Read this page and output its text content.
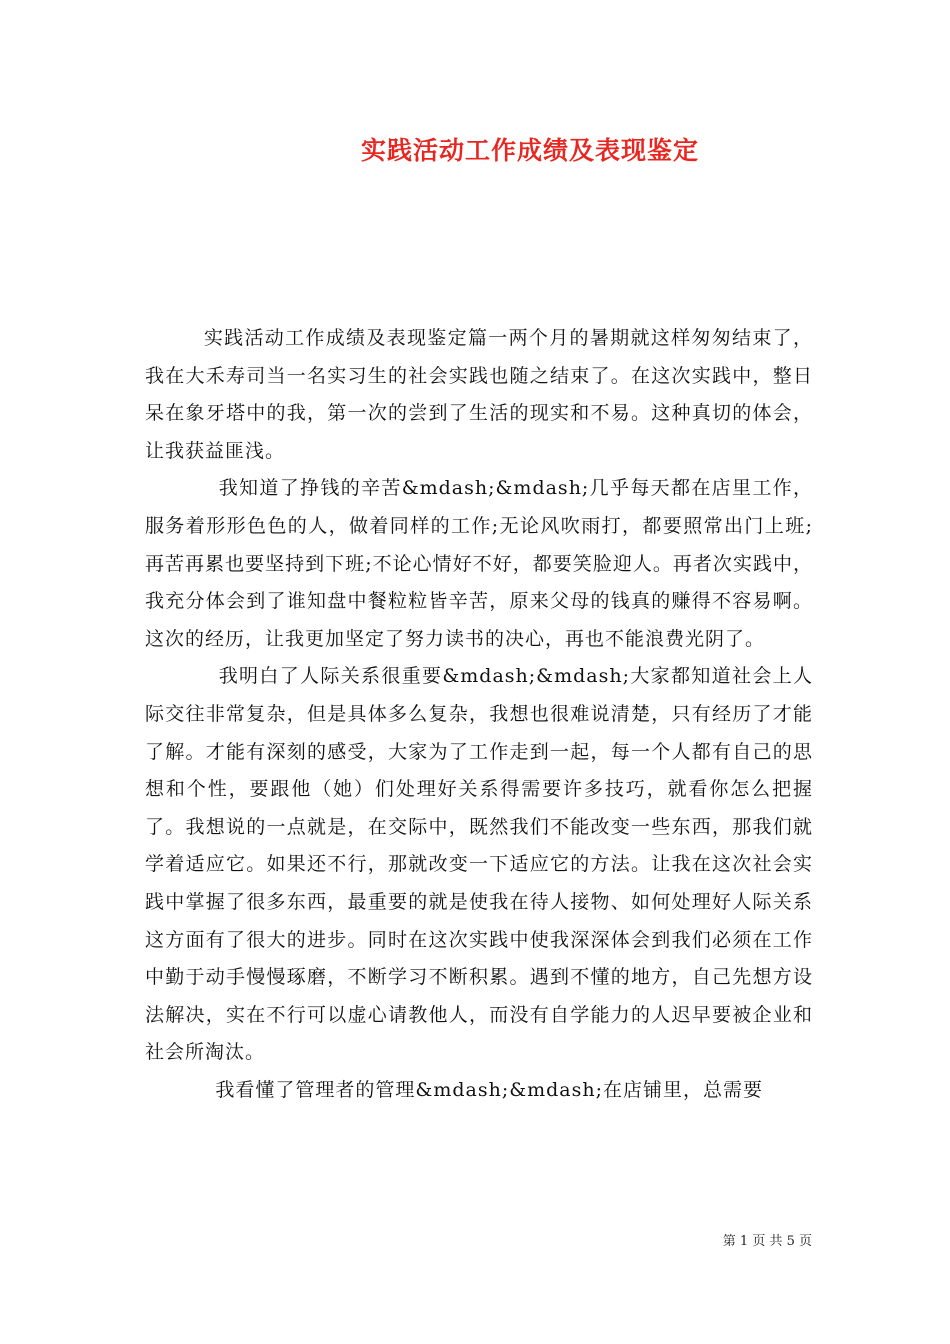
实践活动工作成绩及表现鉴定

实践活动工作成绩及表现鉴定篇一两个月的暑期就这样匆匆结束了，我在大禾寿司当一名实习生的社会实践也随之结束了。在这次实践中，整日呆在象牙塔中的我，第一次的尝到了生活的现实和不易。这种真切的体会，让我获益匪浅。

我知道了挣钱的辛苦&mdash;&mdash;几乎每天都在店里工作，服务着形形色色的人，做着同样的工作;无论风吹雨打，都要照常出门上班;再苦再累也要坚持到下班;不论心情好不好，都要笑脸迎人。再者次实践中，我充分体会到了谁知盘中餐粒粒皆辛苦，原来父母的钱真的赚得不容易啊。这次的经历，让我更加坚定了努力读书的决心，再也不能浪费光阴了。

我明白了人际关系很重要&mdash;&mdash;大家都知道社会上人际交往非常复杂，但是具体多么复杂，我想也很难说清楚，只有经历了才能了解。才能有深刻的感受，大家为了工作走到一起，每一个人都有自己的思想和个性，要跟他（她）们处理好关系得需要许多技巧，就看你怎么把握了。我想说的一点就是，在交际中，既然我们不能改变一些东西，那我们就学着适应它。如果还不行，那就改变一下适应它的方法。让我在这次社会实践中掌握了很多东西，最重要的就是使我在待人接物、如何处理好人际关系这方面有了很大的进步。同时在这次实践中使我深深体会到我们必须在工作中勤于动手慢慢琢磨，不断学习不断积累。遇到不懂的地方，自己先想方设法解决，实在不行可以虚心请教他人，而没有自学能力的人迟早要被企业和社会所淘汰。

我看懂了管理者的管理&mdash;&mdash;在店铺里，总需要

第 1 页 共 5 页
